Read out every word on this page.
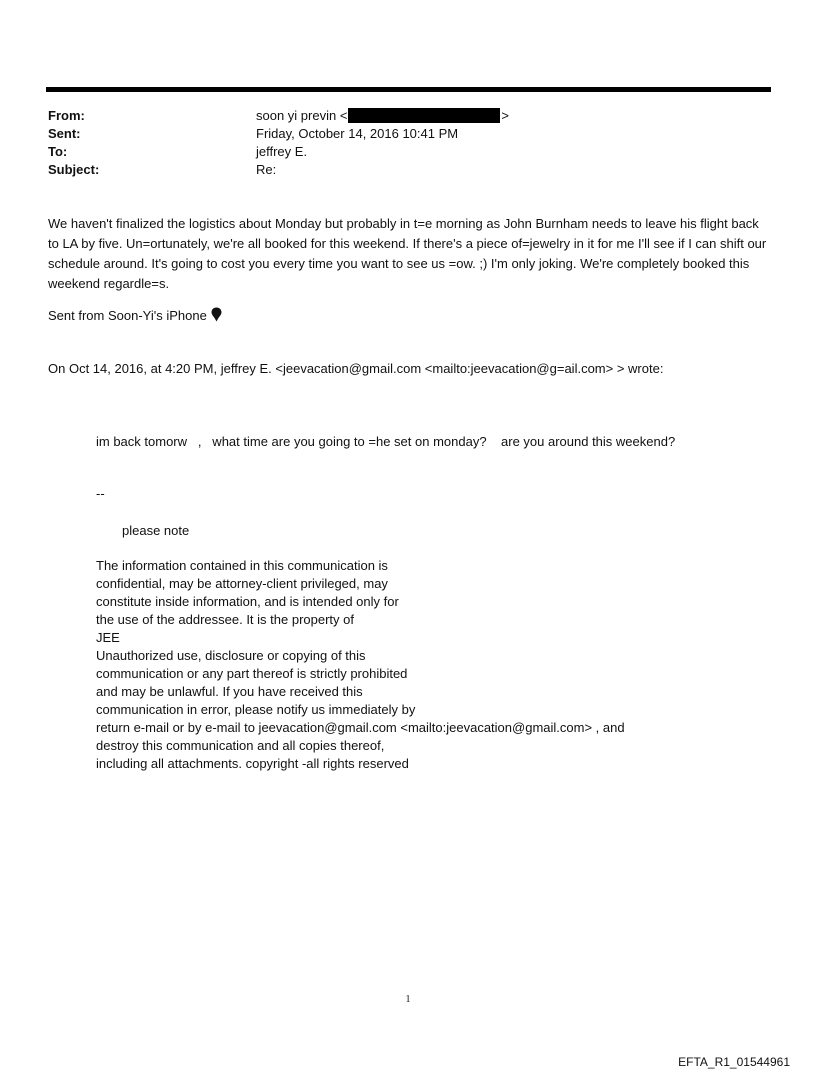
From:	soon yi previn <	>
Sent:	Friday, October 14, 2016 10:41 PM
To:	jeffrey E.
Subject:	Re:

We haven't finalized the logistics about Monday but probably in t=e morning as John Burnham needs to leave his flight back to LA by five. Un=ortunately, we're all booked for this weekend. If there's a piece of=jewelry in it for me I'll see if I can shift our schedule around. It's going to cost you every time you want to see us =ow. ;) I'm only joking. We're completely booked this weekend regardle=s.

Sent from Soon-Yi's iPhone
On Oct 14, 2016, at 4:20 PM, jeffrey E. <jeevacation@gmail.com <mailto:jeevacation@g=ail.com> > wrote:
im back tomorw   ,   what time are you going to =he set on monday?    are you around this weekend?
--
please note
The information contained in this communication is
confidential, may be attorney-client privileged, may
constitute inside information, and is intended only for
the use of the addressee. It is the property of
JEE
Unauthorized use, disclosure or copying of this
communication or any part thereof is strictly prohibited
and may be unlawful. If you have received this
communication in error, please notify us immediately by
return e-mail or by e-mail to jeevacation@gmail.com <mailto:jeevacation@gmail.com> , and
destroy this communication and all copies thereof,
including all attachments. copyright -all rights reserved
1
EFTA_R1_01544961
